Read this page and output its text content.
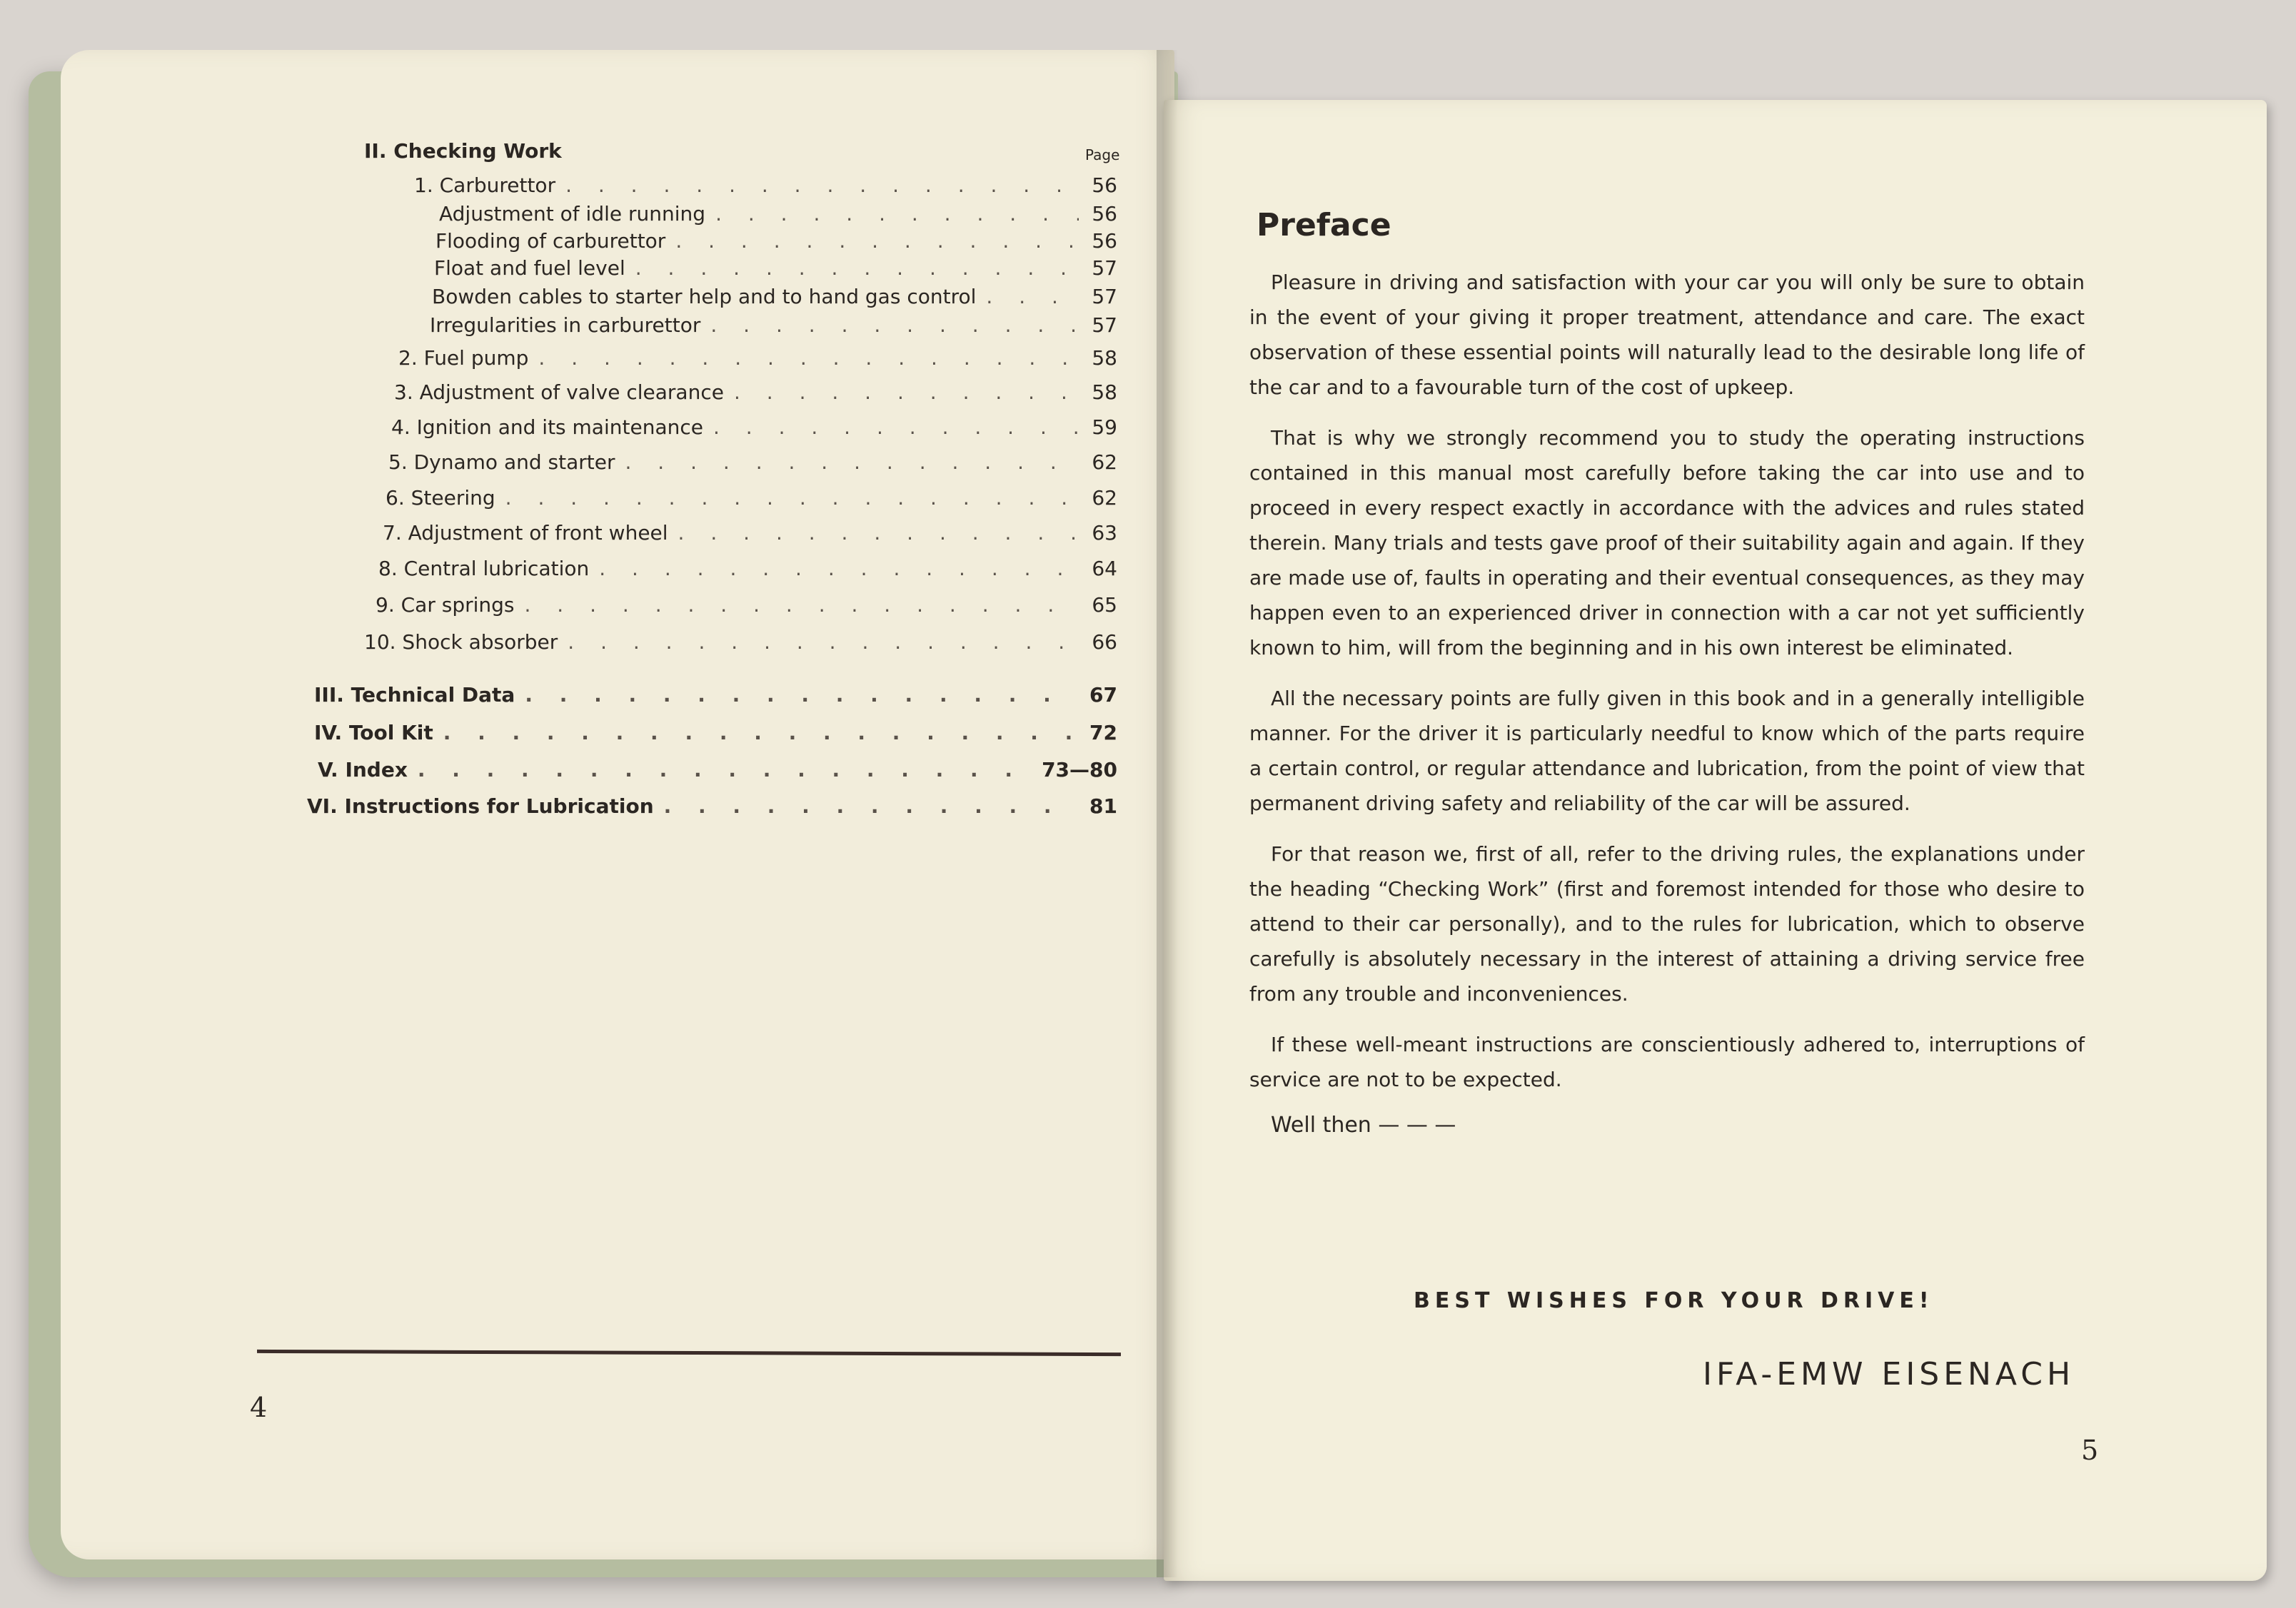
II. Checking Work	Page
1. Carburettor . . .	56
Adjustment of idle running . . .	56
Flooding of carburettor . . .	56
Float and fuel level . . .	57
Bowden cables to starter help and to hand gas control . . .	57
Irregularities in carburettor . . .	57
2. Fuel pump . . .	58
3. Adjustment of valve clearance . . .	58
4. Ignition and its maintenance . . .	59
5. Dynamo and starter . . .	62
6. Steering . . .	62
7. Adjustment of front wheel . . .	63
8. Central lubrication . . .	64
9. Car springs . . .	65
10. Shock absorber . . .	66
III. Technical Data . . .	67
IV. Tool Kit . . .	72
V. Index . . .	73—80
VI. Instructions for Lubrication . . .	81
4
Preface

Pleasure in driving and satisfaction with your car you will only be sure to obtain in the event of your giving it proper treatment, attendance and care. The exact observation of these essential points will naturally lead to the desirable long life of the car and to a favourable turn of the cost of upkeep.

That is why we strongly recommend you to study the operating instructions contained in this manual most carefully before taking the car into use and to proceed in every respect exactly in accordance with the advices and rules stated therein. Many trials and tests gave proof of their suitability again and again. If they are made use of, faults in operating and their eventual consequences, as they may happen even to an experienced driver in connection with a car not yet sufficiently known to him, will from the beginning and in his own interest be eliminated.

All the necessary points are fully given in this book and in a generally intelligible manner. For the driver it is particularly needful to know which of the parts require a certain control, or regular attendance and lubrication, from the point of view that permanent driving safety and reliability of the car will be assured.

For that reason we, first of all, refer to the driving rules, the explanations under the heading “Checking Work” (first and foremost intended for those who desire to attend to their car personally), and to the rules for lubrication, which to observe carefully is absolutely necessary in the interest of attaining a driving service free from any trouble and inconveniences.

If these well-meant instructions are conscientiously adhered to, interruptions of service are not to be expected.

Well then — — —
BEST WISHES FOR YOUR DRIVE!
IFA-EMW EISENACH
5
